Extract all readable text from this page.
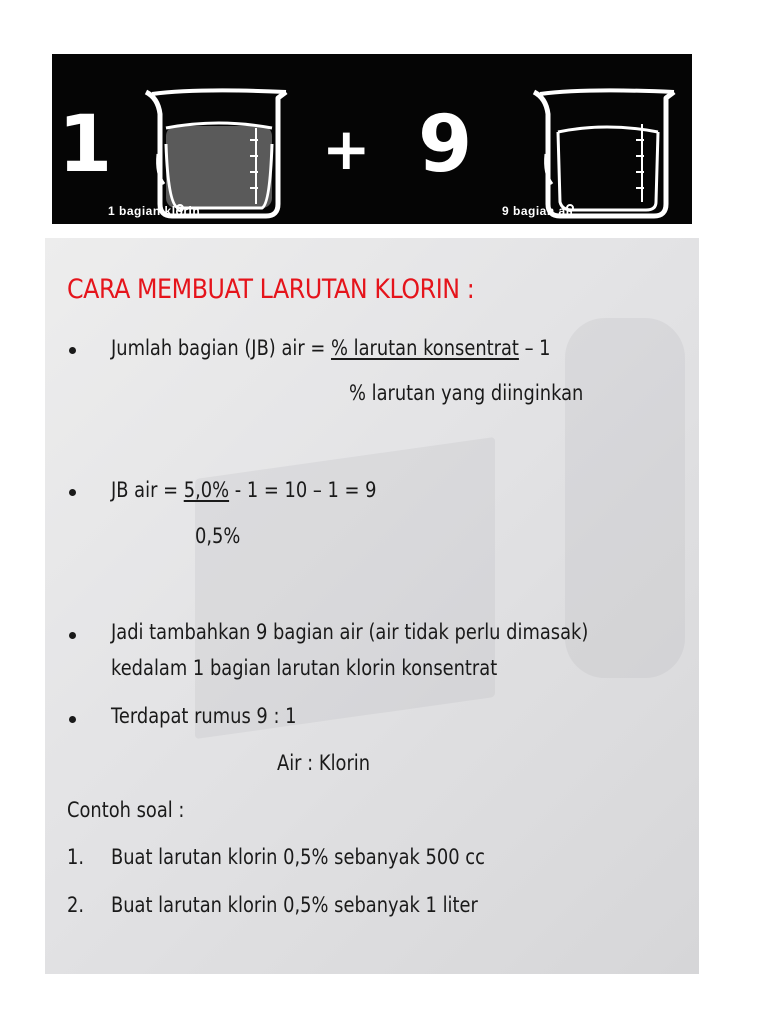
1	+ 9
1 bagian klorin	9 bagian air
CARA MEMBUAT LARUTAN KLORIN :
Jumlah bagian (JB) air = % larutan konsentrat – 1
% larutan yang diinginkan
JB air = 5,0% - 1 = 10 – 1 = 9
0,5%
Jadi tambahkan 9 bagian air (air tidak perlu dimasak)
kedalam 1 bagian larutan klorin konsentrat
Terdapat rumus 9 : 1
Air : Klorin
Contoh soal :
1. Buat larutan klorin 0,5% sebanyak 500 cc
2. Buat larutan klorin 0,5% sebanyak 1 liter
